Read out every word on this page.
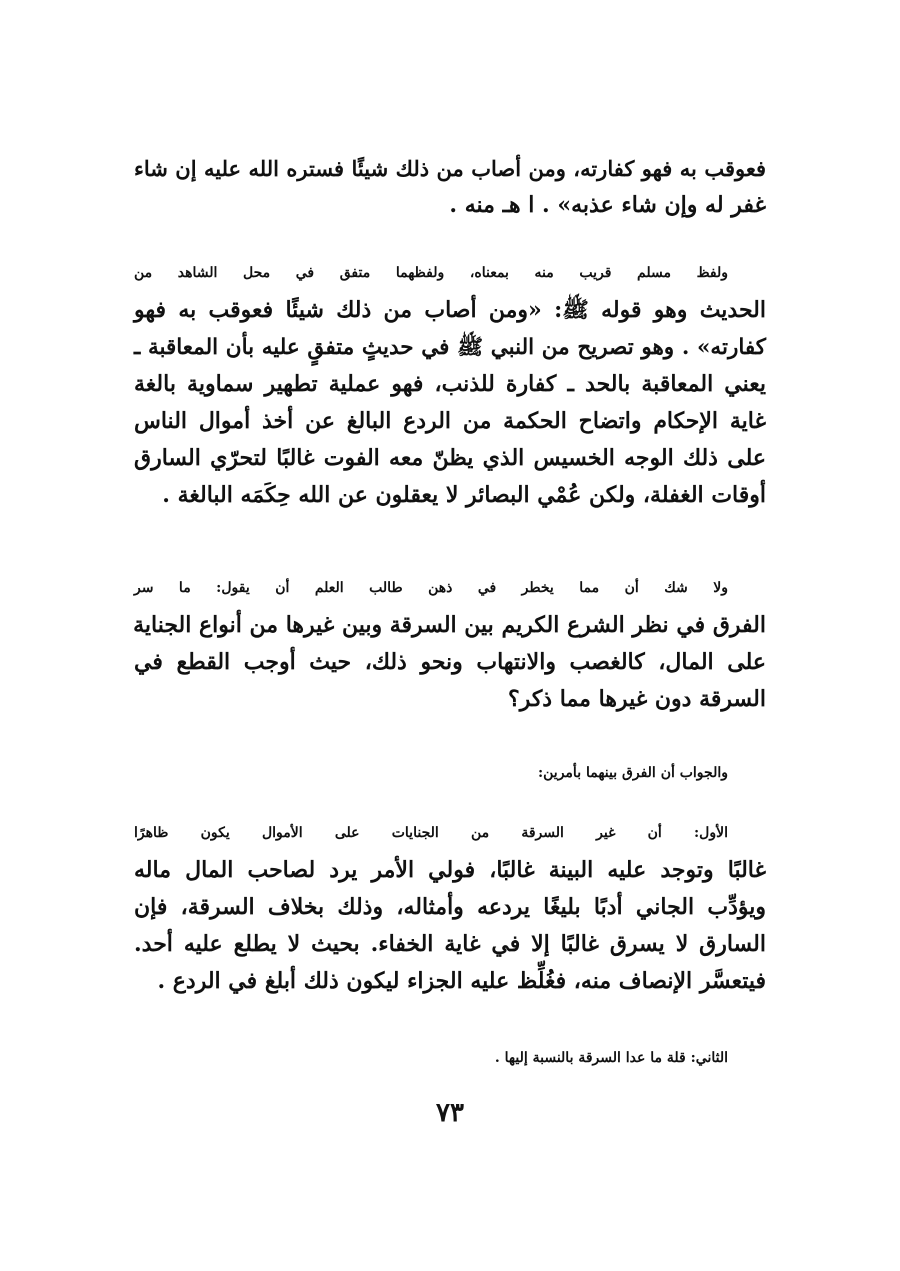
فعوقب به فهو كفارته، ومن أصاب من ذلك شيئًا فستره الله عليه إن شاء
غفر له وإن شاء عذبه» . ا هـ منه .
ولفظ مسلم قريب منه بمعناه، ولفظهما متفق في محل الشاهد من
الحديث وهو قوله ﷺ: «ومن أصاب من ذلك شيئًا فعوقب به فهو
كفارته» . وهو تصريح من النبي ﷺ في حديثٍ متفقٍ عليه بأن المعاقبة ـ
يعني المعاقبة بالحد ـ كفارة للذنب، فهو عملية تطهير سماوية بالغة
غاية الإحكام واتضاح الحكمة من الردع البالغ عن أخذ أموال الناس
على ذلك الوجه الخسيس الذي يظنّ معه الفوت غالبًا لتحرّي السارق
أوقات الغفلة، ولكن عُمْي البصائر لا يعقلون عن الله حِكَمَه البالغة .
ولا شك أن مما يخطر في ذهن طالب العلم أن يقول: ما سر
الفرق في نظر الشرع الكريم بين السرقة وبين غيرها من أنواع الجناية
على المال، كالغصب والانتهاب ونحو ذلك، حيث أوجب القطع في
السرقة دون غيرها مما ذكر؟
والجواب أن الفرق بينهما بأمرين:
الأول: أن غير السرقة من الجنايات على الأموال يكون ظاهرًا
غالبًا وتوجد عليه البينة غالبًا، فولي الأمر يرد لصاحب المال ماله
ويؤدِّب الجاني أدبًا بليغًا يردعه وأمثاله، وذلك بخلاف السرقة، فإن
السارق لا يسرق غالبًا إلا في غاية الخفاء. بحيث لا يطلع عليه أحد.
فيتعسَّر الإنصاف منه، فغُلِّظ عليه الجزاء ليكون ذلك أبلغ في الردع .
الثاني: قلة ما عدا السرقة بالنسبة إليها .
٧٣
